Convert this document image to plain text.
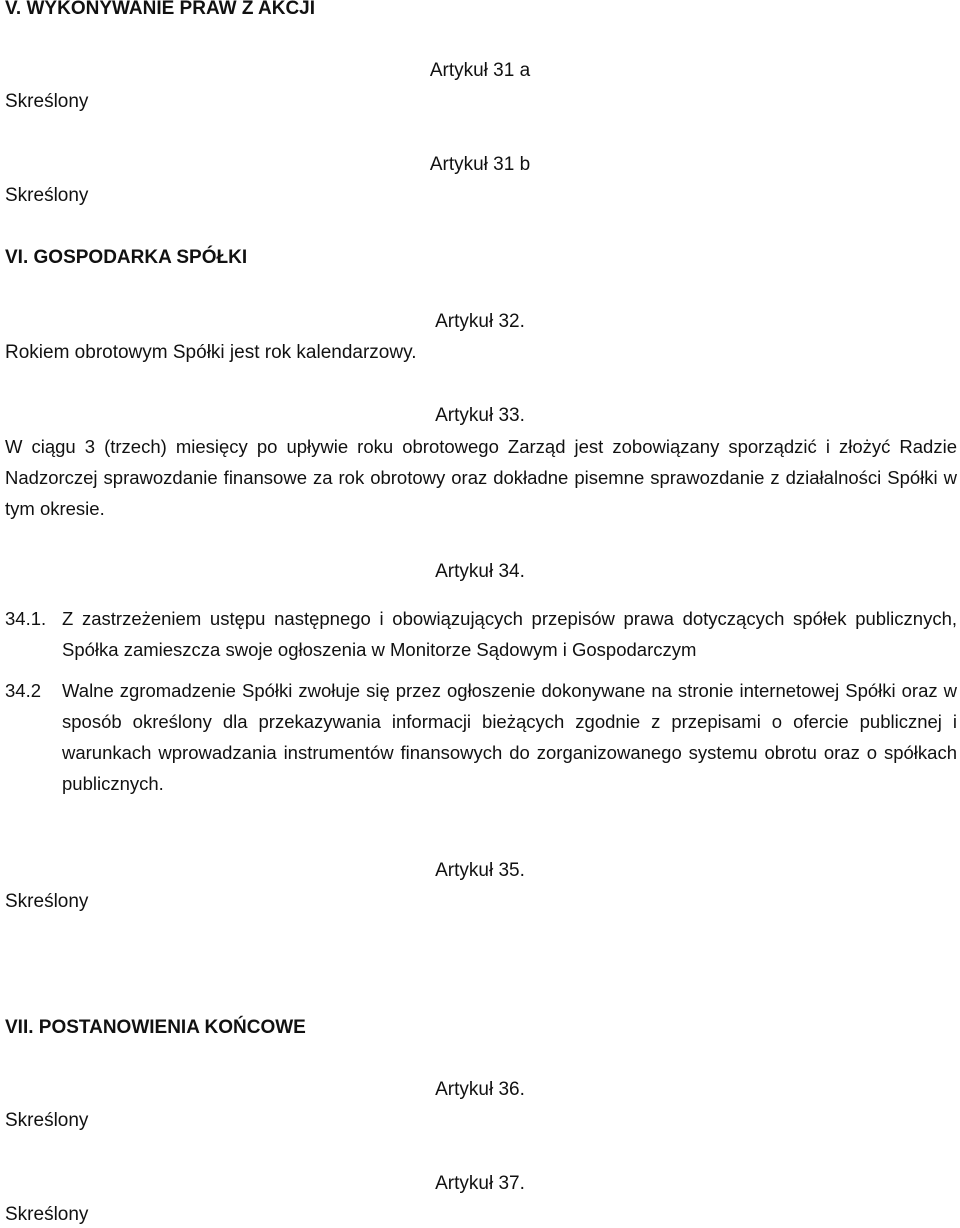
V. WYKONYWANIE PRAW Z AKCJI
Artykuł 31 a
Skreślony
Artykuł 31 b
Skreślony
VI. GOSPODARKA SPÓŁKI
Artykuł 32.
Rokiem obrotowym Spółki jest rok kalendarzowy.
Artykuł 33.
W ciągu 3 (trzech) miesięcy po upływie roku obrotowego Zarząd jest zobowiązany sporządzić i złożyć Radzie Nadzorczej sprawozdanie finansowe za rok obrotowy oraz dokładne pisemne sprawozdanie z działalności Spółki w tym okresie.
Artykuł 34.
34.1. Z zastrzeżeniem ustępu następnego i obowiązujących przepisów prawa dotyczących spółek publicznych, Spółka zamieszcza swoje ogłoszenia w Monitorze Sądowym i Gospodarczym
34.2 Walne zgromadzenie Spółki zwołuje się przez ogłoszenie dokonywane na stronie internetowej Spółki oraz w sposób określony dla przekazywania informacji bieżących zgodnie z przepisami o ofercie publicznej i warunkach wprowadzania instrumentów finansowych do zorganizowanego systemu obrotu oraz o spółkach publicznych.
Artykuł 35.
Skreślony
VII. POSTANOWIENIA KOŃCOWE
Artykuł 36.
Skreślony
Artykuł 37.
Skreślony
